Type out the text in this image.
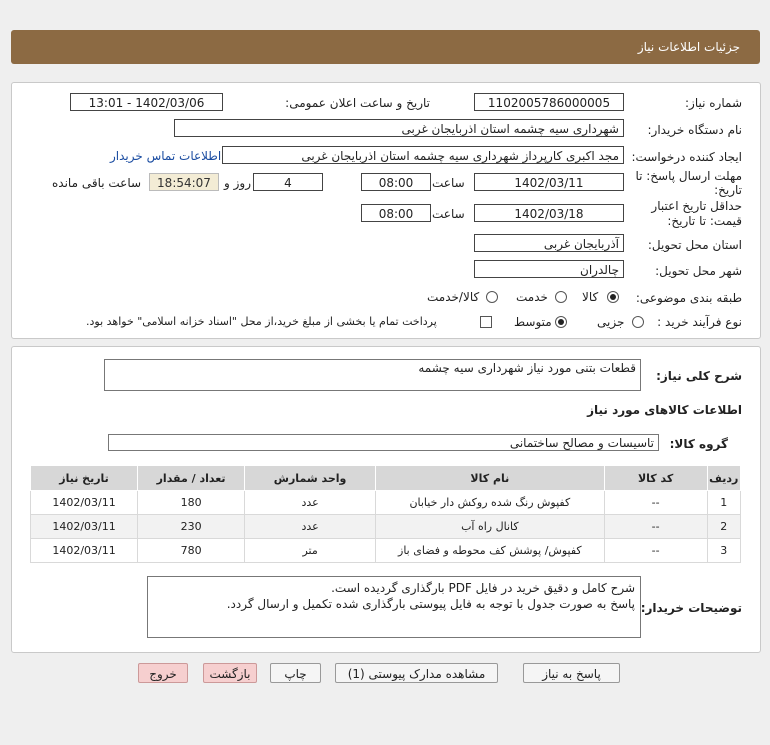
جزئیات اطلاعات نیاز
شماره نیاز:
1102005786000005
تاریخ و ساعت اعلان عمومی:
1402/03/06 - 13:01
نام دستگاه خریدار:
شهرداری سیه چشمه استان اذربایجان غربی
ایجاد کننده درخواست:
مجد اکبری کارپرداز شهرداری سیه چشمه استان اذربایجان غربی
اطلاعات تماس خریدار
مهلت ارسال پاسخ: تا
تاریخ:
1402/03/11
ساعت
08:00
4
روز و
18:54:07
ساعت باقی مانده
حداقل تاریخ اعتبار
قیمت: تا تاریخ:
1402/03/18
ساعت
08:00
استان محل تحویل:
آذربایجان غربی
شهر محل تحویل:
چالدران
طبقه بندی موضوعی:
کالا
خدمت
کالا/خدمت
نوع فرآیند خرید :
جزیی
متوسط
پرداخت تمام یا بخشی از مبلغ خرید،از محل "اسناد خزانه اسلامی" خواهد بود.
شرح کلی نیاز:
قطعات بتنی مورد نیاز شهرداری سیه چشمه
اطلاعات کالاهای مورد نیاز
گروه کالا:
تاسیسات و مصالح ساختمانی
ردیف	کد کالا	نام کالا	واحد شمارش	تعداد / مقدار	تاریخ نیاز
1	--	کفپوش رنگ شده روکش دار خیابان	عدد	180	1402/03/11
2	--	کانال راه آب	عدد	230	1402/03/11
3	--	کفپوش/ پوشش کف محوطه و فضای باز	متر	780	1402/03/11
توضیحات خریدار:
شرح کامل و دقیق خرید در فایل PDF بارگذاری گردیده است.
پاسخ به صورت جدول با توجه به فایل پیوستی بارگذاری شده تکمیل و ارسال گردد.
پاسخ به نیاز
مشاهده مدارک پیوستی (1)
چاپ
بازگشت
خروج
